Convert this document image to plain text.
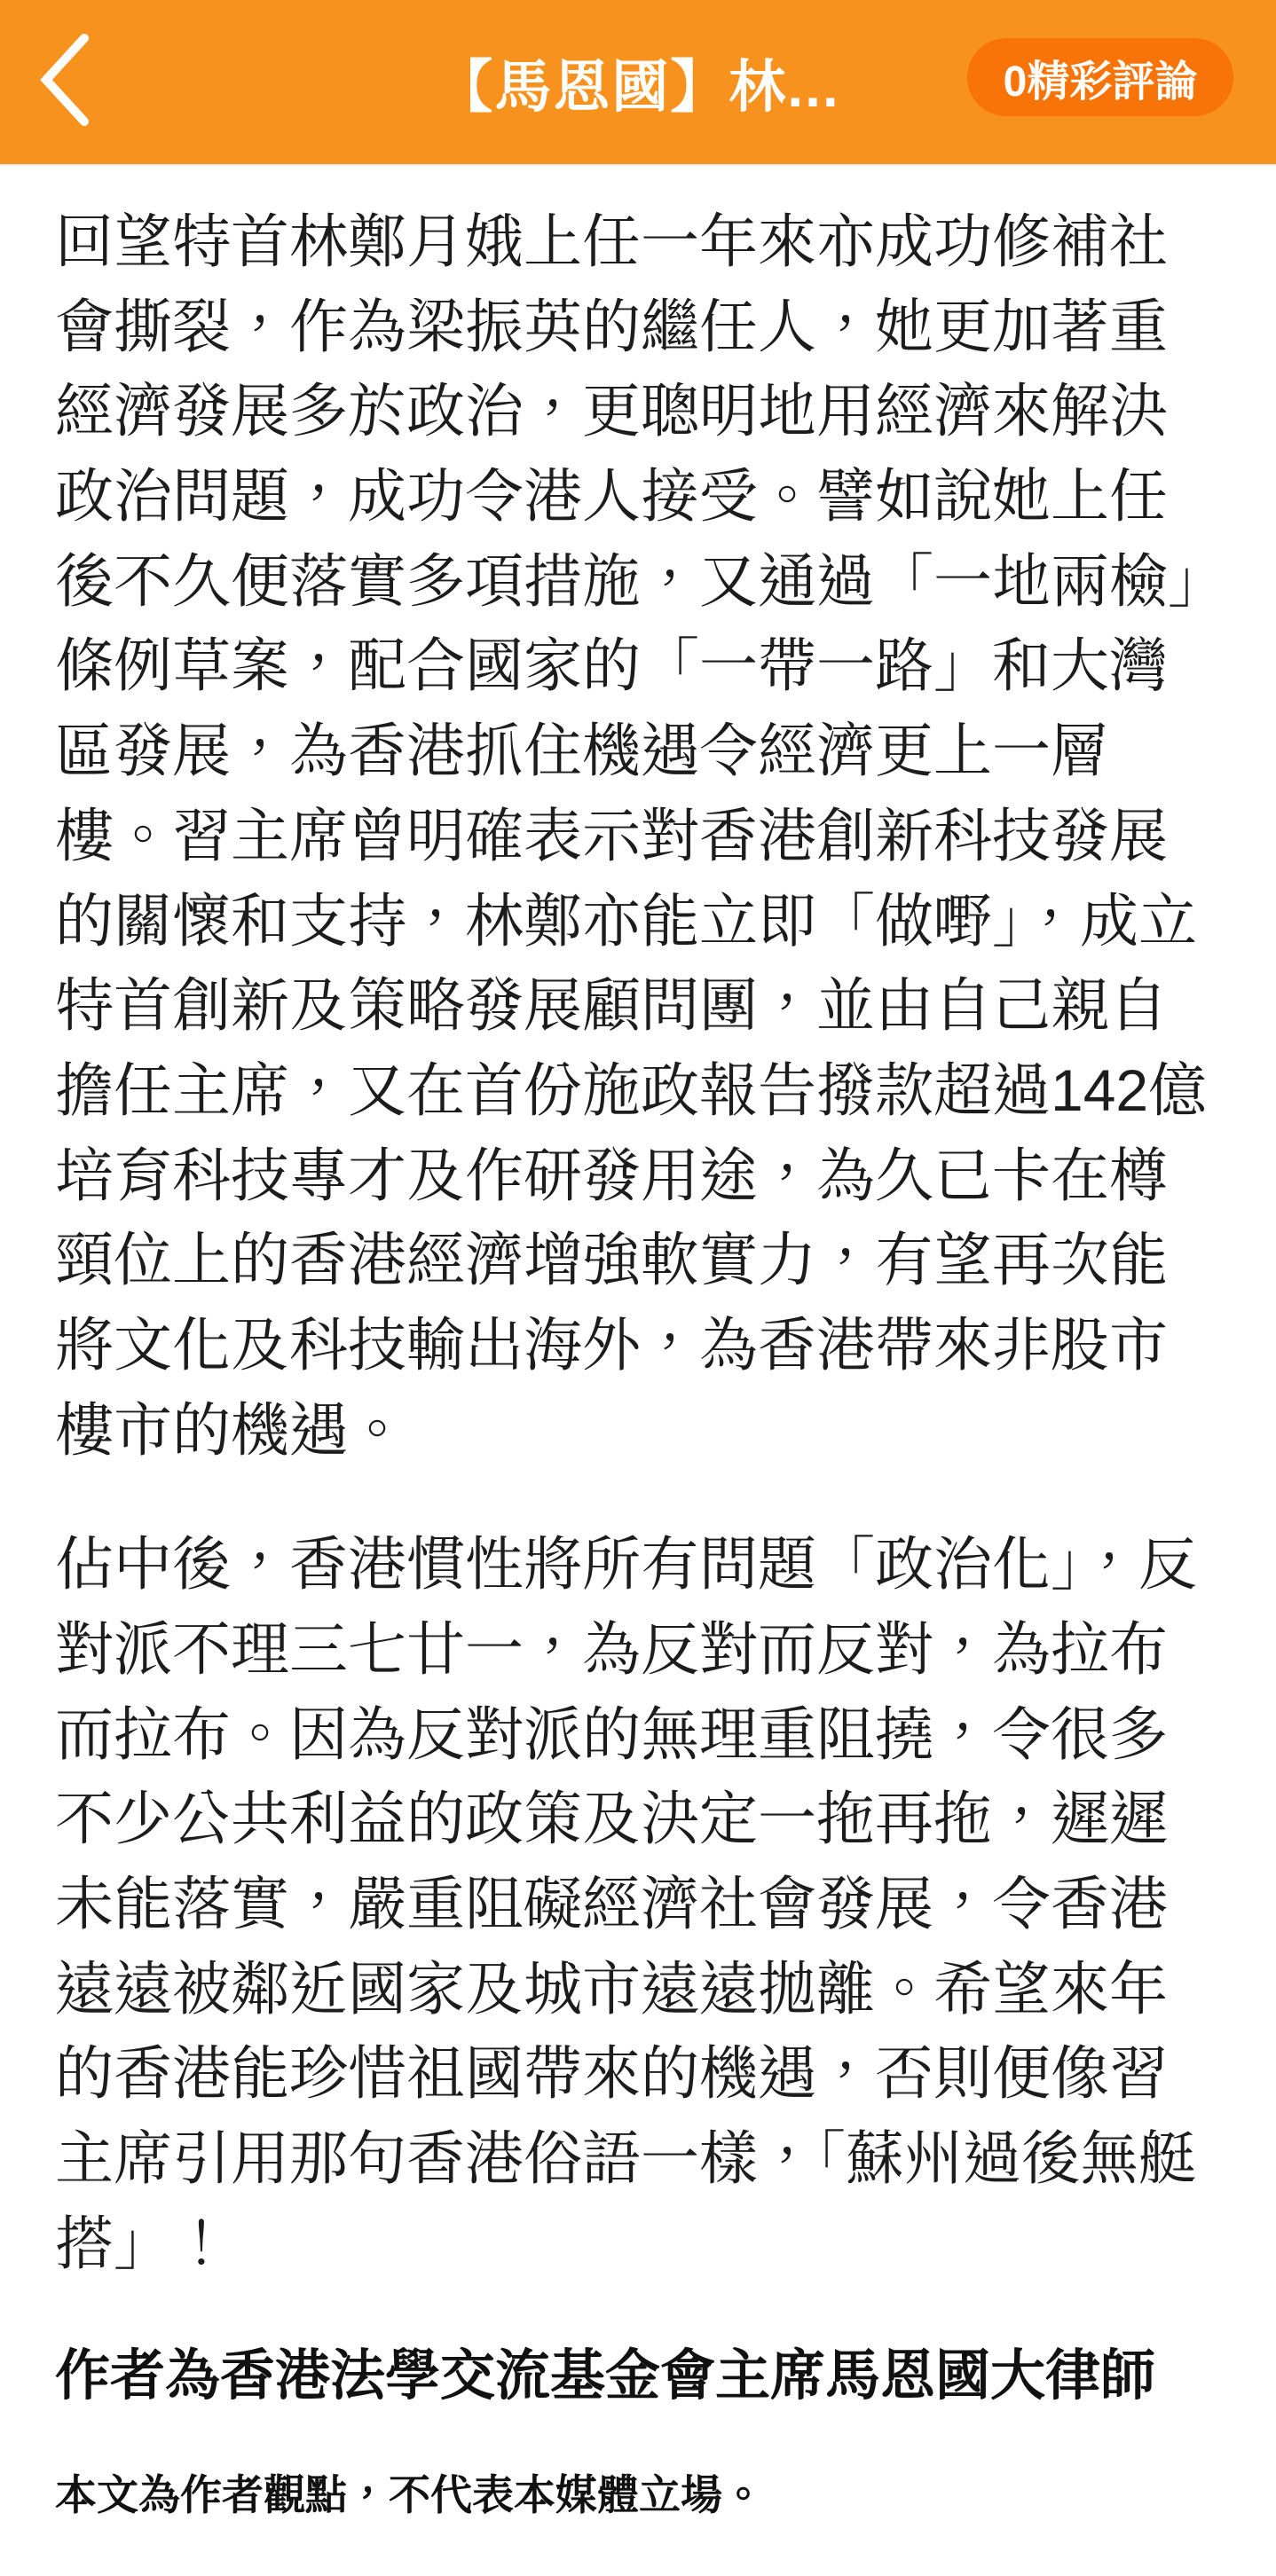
【馬恩國】林...	0精彩評論

回望特首林鄭月娥上任一年來亦成功修補社會撕裂，作為梁振英的繼任人，她更加著重經濟發展多於政治，更聰明地用經濟來解決政治問題，成功令港人接受。譬如說她上任後不久便落實多項措施，又通過「一地兩檢」條例草案，配合國家的「一帶一路」和大灣區發展，為香港抓住機遇令經濟更上一層樓。習主席曾明確表示對香港創新科技發展的關懷和支持，林鄭亦能立即「做嘢」，成立特首創新及策略發展顧問團，並由自己親自擔任主席，又在首份施政報告撥款超過142億培育科技專才及作研發用途，為久已卡在樽頸位上的香港經濟增強軟實力，有望再次能將文化及科技輸出海外，為香港帶來非股市樓市的機遇。

佔中後，香港慣性將所有問題「政治化」，反對派不理三七廿一，為反對而反對，為拉布而拉布。因為反對派的無理重阻撓，令很多不少公共利益的政策及決定一拖再拖，遲遲未能落實，嚴重阻礙經濟社會發展，令香港遠遠被鄰近國家及城市遠遠拋離。希望來年的香港能珍惜祖國帶來的機遇，否則便像習主席引用那句香港俗語一樣，「蘇州過後無艇搭」！

作者為香港法學交流基金會主席馬恩國大律師

本文為作者觀點，不代表本媒體立場。
